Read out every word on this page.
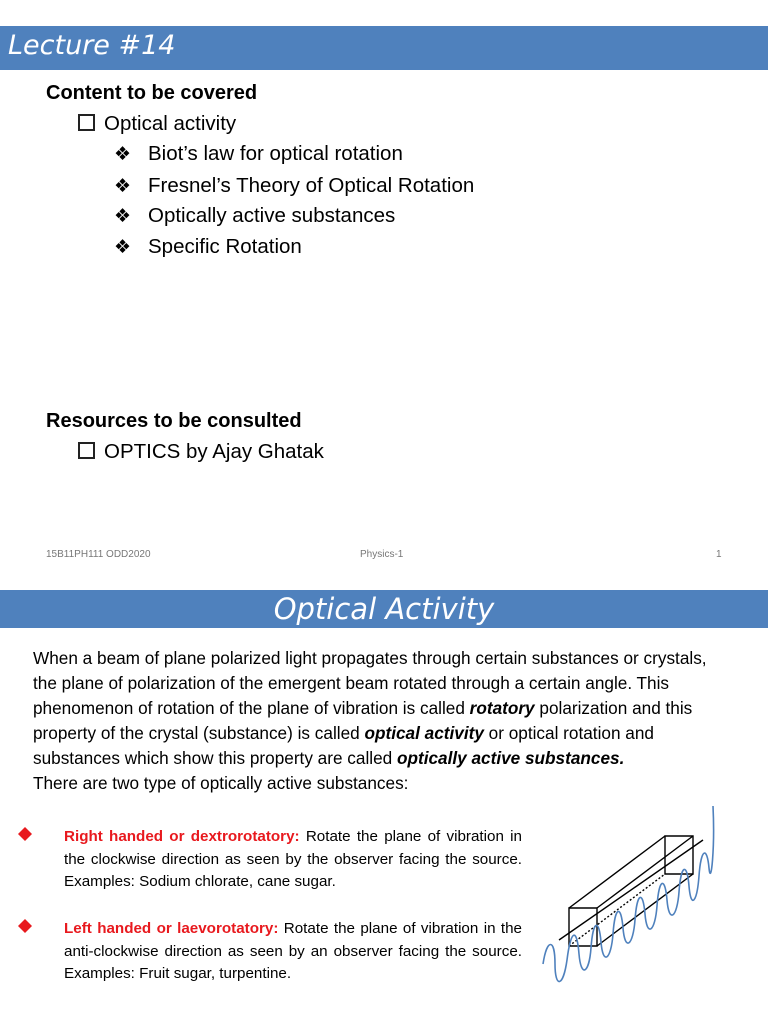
Lecture #14
Content to be covered
Optical activity
❖ Biot’s law for optical rotation
❖ Fresnel’s Theory of Optical Rotation
❖ Optically active substances
❖ Specific Rotation
Resources to be consulted
OPTICS by Ajay Ghatak
15B11PH111 ODD2020	Physics-1	1
Optical Activity

When a beam of plane polarized light propagates through certain substances or crystals, the plane of polarization of the emergent beam rotated through a certain angle. This phenomenon of rotation of the plane of vibration is called rotatory polarization and this property of the crystal (substance) is called optical activity or optical rotation and substances which show this property are called optically active substances.

There are two type of optically active substances:

Right handed or dextrorotatory: Rotate the plane of vibration in the clockwise direction as seen by the observer facing the source. Examples: Sodium chlorate, cane sugar.
Left handed or laevorotatory: Rotate the plane of vibration in the anti-clockwise direction as seen by an observer facing the source. Examples: Fruit sugar, turpentine.
